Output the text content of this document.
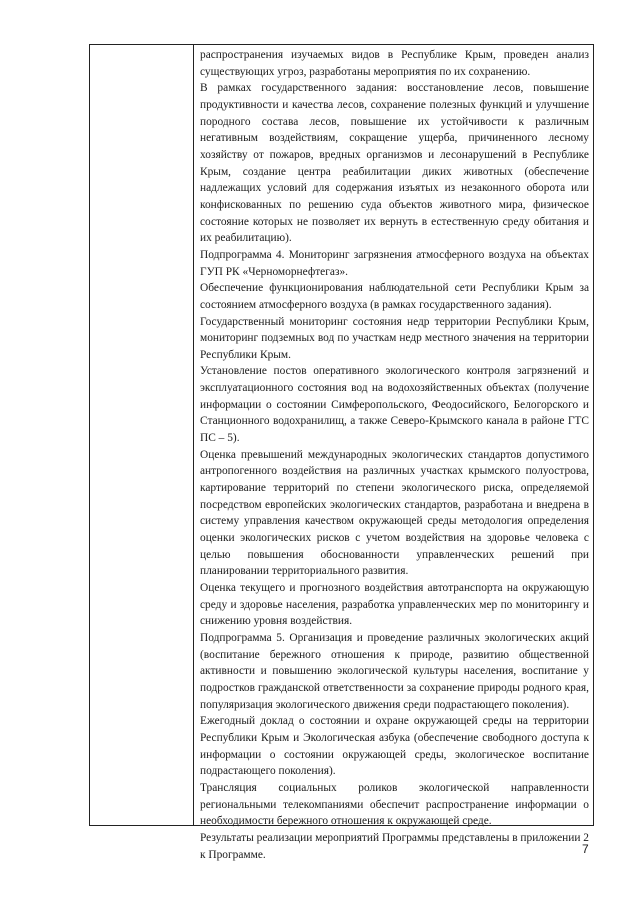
распространения изучаемых видов в Республике Крым, проведен анализ существующих угроз, разработаны мероприятия по их сохранению.

В рамках государственного задания: восстановление лесов, повышение продуктивности и качества лесов, сохранение полезных функций и улучшение породного состава лесов, повышение их устойчивости к различным негативным воздействиям, сокращение ущерба, причиненного лесному хозяйству от пожаров, вредных организмов и лесонарушений в Республике Крым, создание центра реабилитации диких животных (обеспечение надлежащих условий для содержания изъятых из незаконного оборота или конфискованных по решению суда объектов животного мира, физическое состояние которых не позволяет их вернуть в естественную среду обитания и их реабилитацию).

Подпрограмма 4. Мониторинг загрязнения атмосферного воздуха на объектах ГУП РК «Черноморнефтегаз».

Обеспечение функционирования наблюдательной сети Республики Крым за состоянием атмосферного воздуха (в рамках государственного задания).

Государственный мониторинг состояния недр территории Республики Крым, мониторинг подземных вод по участкам недр местного значения на территории Республики Крым.

Установление постов оперативного экологического контроля загрязнений и эксплуатационного состояния вод на водохозяйственных объектах (получение информации о состоянии Симферопольского, Феодосийского, Белогорского и Станционного водохранилищ, а также Северо-Крымского канала в районе ГТС ПС – 5).

Оценка превышений международных экологических стандартов допустимого антропогенного воздействия на различных участках крымского полуострова, картирование территорий по степени экологического риска, определяемой посредством европейских экологических стандартов, разработана и внедрена в систему управления качеством окружающей среды методология определения оценки экологических рисков с учетом воздействия на здоровье человека с целью повышения обоснованности управленческих решений при планировании территориального развития.

Оценка текущего и прогнозного воздействия автотранспорта на окружающую среду и здоровье населения, разработка управленческих мер по мониторингу и снижению уровня воздействия.

Подпрограмма 5. Организация и проведение различных экологических акций (воспитание бережного отношения к природе, развитию общественной активности и повышению экологической культуры населения, воспитание у подростков гражданской ответственности за сохранение природы родного края, популяризация экологического движения среди подрастающего поколения).

Ежегодный доклад о состоянии и охране окружающей среды на территории Республики Крым и Экологическая азбука (обеспечение свободного доступа к информации о состоянии окружающей среды, экологическое воспитание подрастающего поколения).

Трансляция социальных роликов экологической направленности региональными телекомпаниями обеспечит распространение информации о необходимости бережного отношения к окружающей среде.

Результаты реализации мероприятий Программы представлены в приложении 2 к Программе.	7
